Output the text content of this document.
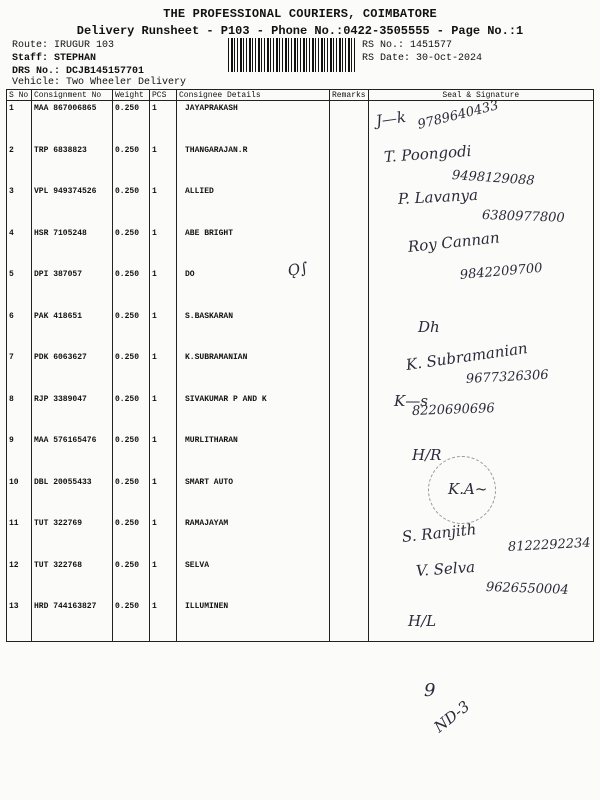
THE PROFESSIONAL COURIERS, COIMBATORE
Delivery Runsheet - P103 - Phone No.:0422-3505555 - Page No.:1
Route: IRUGUR 103
Staff: STEPHAN
DRS No.: DCJB145157701
Vehicle: Two Wheeler Delivery
RS No.: 1451577
RS Date: 30-Oct-2024
S No	Consignment No	Weight	PCS	Consignee Details	Remarks	Seal & Signature
1	MAA 867006865	0.250	1	JAYAPRAKASH		
2	TRP 6838823	0.250	1	THANGARAJAN.R		
3	VPL 949374526	0.250	1	ALLIED		
4	HSR 7105248	0.250	1	ABE BRIGHT		
5	DPI 387057	0.250	1	DO		
6	PAK 418651	0.250	1	S.BASKARAN		
7	PDK 6063627	0.250	1	K.SUBRAMANIAN		
8	RJP 3389047	0.250	1	SIVAKUMAR P AND K		
9	MAA 576165476	0.250	1	MURLITHARAN		
10	DBL 20055433	0.250	1	SMART AUTO		
11	TUT 322769	0.250	1	RAMAJAYAM		
12	TUT 322768	0.250	1	SELVA		
13	HRD 744163827	0.250	1	ILLUMINEN		
J—k 9789640433
T. Poongodi
9498129088
P. Lavanya
6380977800
Roy Cannan
9842209700
Ǫ∫
Dh
K. Subramanian
9677326306
K—s
8220690696
H/R
K.A~
S. Ranjith 8122292234
V. Selva
9626550004
H/L
9
ND-3
